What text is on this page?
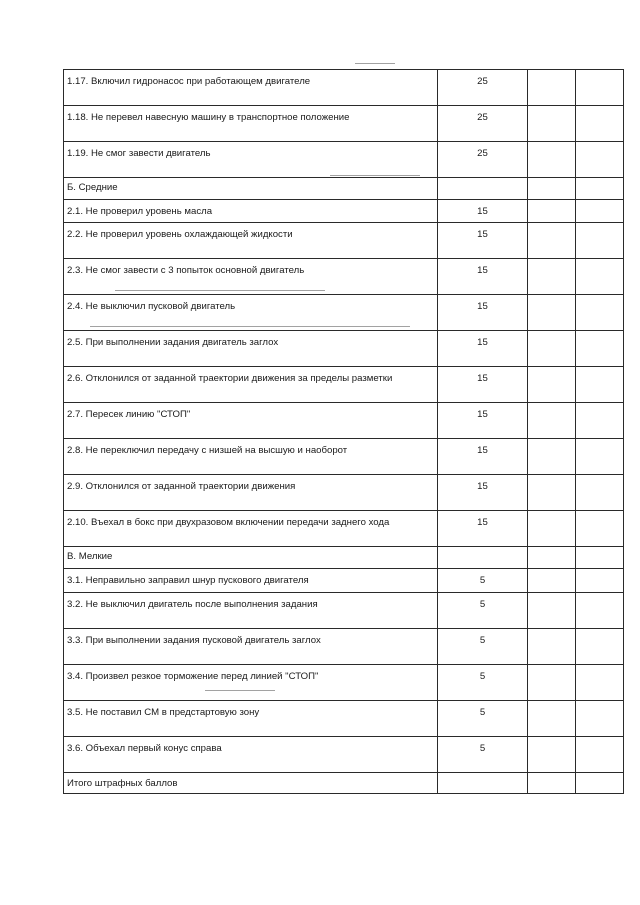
1.17. Включил гидронасос при работающем двигателе	25		
1.18. Не перевел навесную машину в транспортное положение	25		
1.19. Не смог завести двигатель	25		
Б. Средние			
2.1. Не проверил уровень масла	15		
2.2. Не проверил уровень охлаждающей жидкости	15		
2.3. Не смог завести с 3 попыток основной двигатель	15		
2.4. Не выключил пусковой двигатель	15		
2.5. При выполнении задания двигатель заглох	15		
2.6. Отклонился от заданной траектории движения за пределы разметки	15		
2.7. Пересек линию "СТОП"	15		
2.8. Не переключил передачу с низшей на высшую и наоборот	15		
2.9. Отклонился от заданной траектории движения	15		
2.10. Въехал в бокс при двухразовом включении передачи заднего хода	15		
В. Мелкие			
3.1. Неправильно заправил шнур пускового двигателя	5		
3.2. Не выключил двигатель после выполнения задания	5		
3.3. При выполнении задания пусковой двигатель заглох	5		
3.4. Произвел резкое торможение перед линией "СТОП"	5		
3.5. Не поставил СМ в предстартовую зону	5		
3.6. Объехал первый конус справа	5		
Итого штрафных баллов			
